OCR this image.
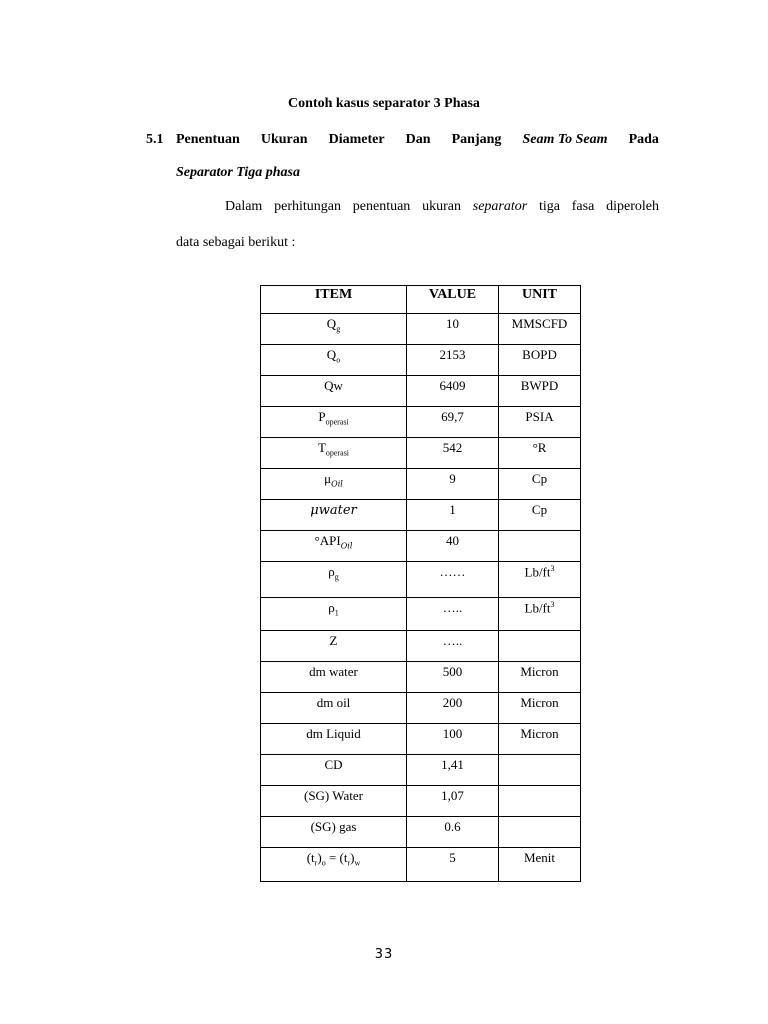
Contoh kasus separator 3 Phasa
5.1 Penentuan Ukuran Diameter Dan Panjang Seam To Seam Pada
Separator Tiga phasa
Dalam perhitungan penentuan ukuran separator tiga fasa diperoleh
data sebagai berikut :
ITEM	VALUE	UNIT
$Q_g$	10	MMSCFD
$Q_o$	2153	BOPD
Qw	6409	BWPD
$P_{operasi}$	69,7	PSIA
$T_{operasi}$	542	°R
$\mu_{Oil}$	9	Cp
μwater	1	Cp
$^\circ API_{Oil}$	40	
$\rho_g$	……	$Lb/ft^3$
$\rho_1$	…..	$Lb/ft^3$
Z	…..	
dm water	500	Micron
dm oil	200	Micron
dm Liquid	100	Micron
CD	1,41	
(SG) Water	1,07	
(SG) gas	0.6	
$(t_r)_o = (t_r)_w$	5	Menit
33
